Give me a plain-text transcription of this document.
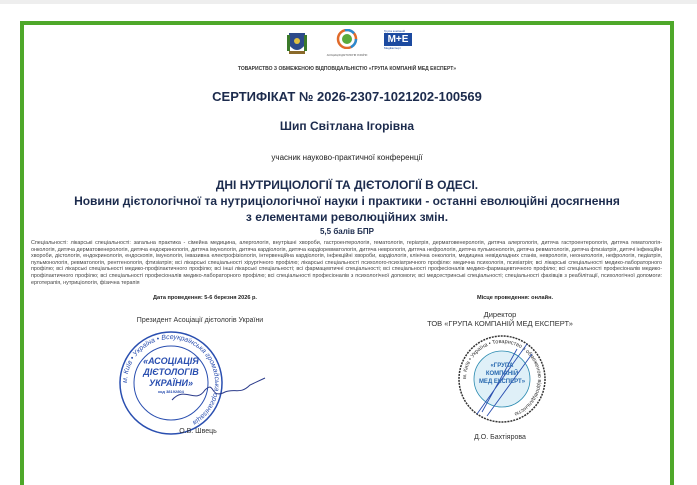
АСОЦІАЦІЯ ДІЄТОЛОГІВ УКРАЇНИ
Група компаній
M+E
МедЕксперт
ТОВАРИСТВО З ОБМЕЖЕНОЮ ВІДПОВІДАЛЬНІСТЮ «ГРУПА КОМПАНІЙ МЕД ЕКСПЕРТ»
СЕРТИФІКАТ № 2026-2307-1021202-100569
Шип Світлана Ігорівна
учасник науково-практичної конференції
ДНІ НУТРИЦІОЛОГІЇ ТА ДІЄТОЛОГІЇ В ОДЕСІ.
Новини дієтологічної та нутриціологічної науки і практики - останні еволюційні досягнення
з елементами революційних змін.
5,5 балів БПР
Спеціальності: лікарські спеціальності: загальна практика - сімейна медицина, алергологія, внутрішні хвороби, гастроентерологія, гематологія, геріатрія, дерматовенерологія, дитяча алергологія, дитяча гастроентерологія, дитяча гематологія-онкологія, дитяча дерматовенерологія, дитяча ендокринологія, дитяча імунологія, дитяча кардіологія, дитяча кардіоревматологія, дитяча неврологія, дитяча нефрологія, дитяча пульмонологія, дитяча ревматологія, дитяча фтизіатрія, дитячі інфекційні хвороби, дієтологія, ендокринологія, ендоскопія, імунологія, інвазивна електрофізіологія, інтервенційна кардіологія, інфекційні хвороби, кардіологія, клінічна онкологія, медицина невідкладних станів, неврологія, неонатологія, нефрологія, педіатрія, пульмонологія, ревматологія, рентгенологія, фтизіатрія; всі лікарські спеціальності хірургічного профілю; лікарські спеціальності психолого-психіатричного профілю: медична психологія, психіатрія; всі лікарські спеціальності медико-лабораторного профілю; всі лікарські спеціальності медико-профілактичного профілю; всі інші лікарські спеціальності; всі фармацевтичні спеціальності; всі спеціальності професіоналів медико-фармацевтичного профілю; всі спеціальності професіоналів медико-профілактичного профілю; всі спеціальності професіоналів медико-лабораторного профілю; всі спеціальності професіоналів з психологічної допомоги; всі медсестринські спеціальності; спеціальності фахівців з реабілітації, психологічної допомоги: ерготерапія, нутриціологія, фізична терапія
Дата проведення: 5-6 березня 2026 р.	Місце проведення: онлайн.
Президент Асоціації дієтологів України
м. Київ • Україна • Всеукраїнська громадська організація
«АСОЦІАЦІЯ
ДІЄТОЛОГІВ
УКРАЇНИ»
код 38192804
О.В. Швець
Директор
ТОВ «ГРУПА КОМПАНІЙ МЕД ЕКСПЕРТ»
м. Київ • Україна • Товариство з обмеженою відповідальністю
«ГРУПА
КОМПАНІЙ
МЕД ЕКСПЕРТ»
Д.О. Бахтіярова
